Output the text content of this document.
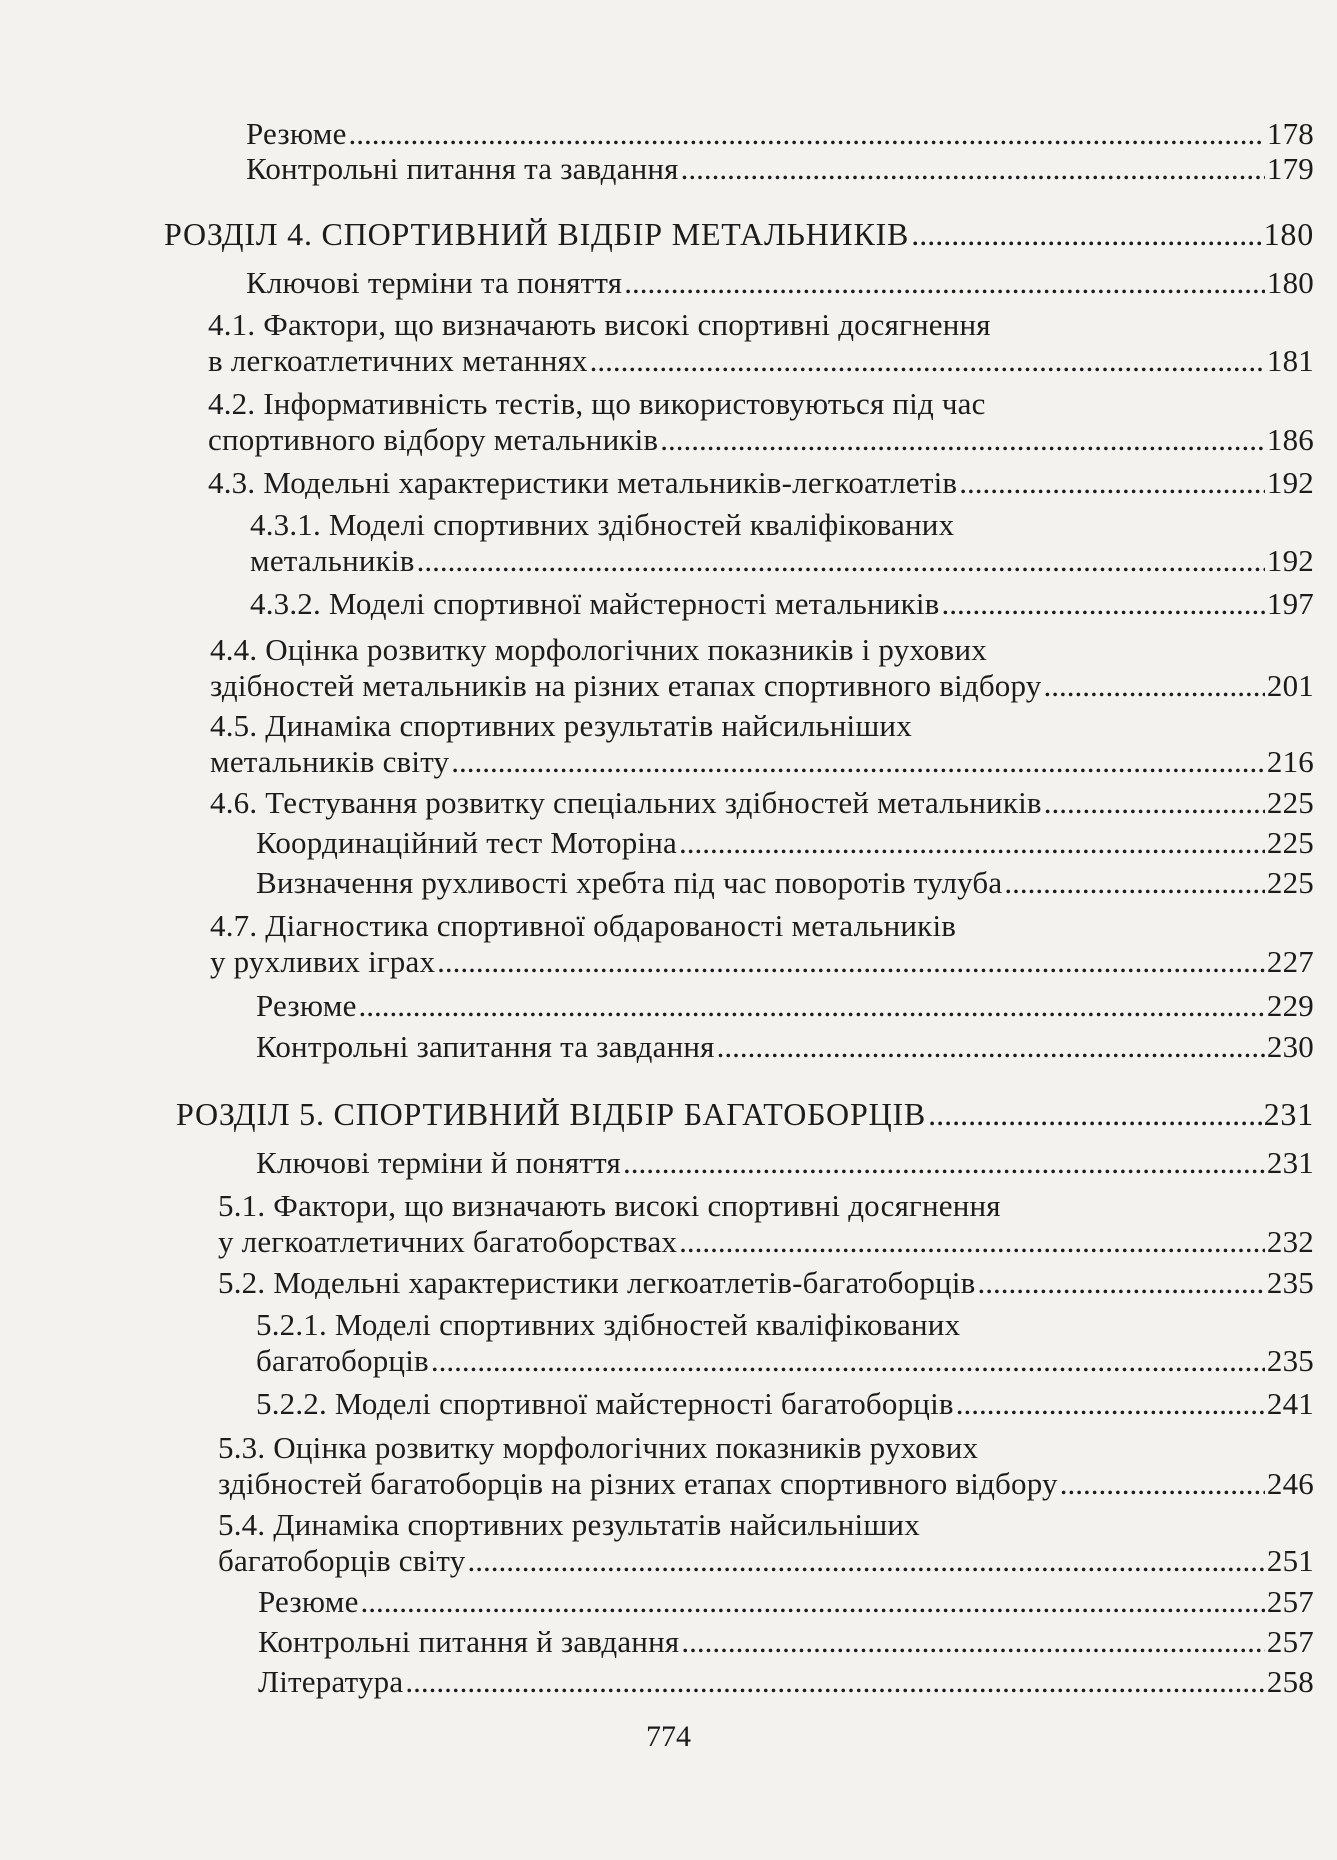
Резюме .....	178
Контрольні питання та завдання .....	179
РОЗДІЛ 4. СПОРТИВНИЙ ВІДБІР МЕТАЛЬНИКІВ .....	180
Ключові терміни та поняття .....	180
4.1. Фактори, що визначають високі спортивні досягнення
в легкоатлетичних метаннях .....	181
4.2. Інформативність тестів, що використовуються під час
спортивного відбору метальників .....	186
4.3. Модельні характеристики метальників-легкоатлетів .....	192
4.3.1. Моделі спортивних здібностей кваліфікованих
метальників .....	192
4.3.2. Моделі спортивної майстерності метальників .....	197
4.4. Оцінка розвитку морфологічних показників і рухових
здібностей метальників на різних етапах спортивного відбору .....	201
4.5. Динаміка спортивних результатів найсильніших
метальників світу .....	216
4.6. Тестування розвитку спеціальних здібностей метальників .....	225
Координаційний тест Моторіна .....	225
Визначення рухливості хребта під час поворотів тулуба .....	225
4.7. Діагностика спортивної обдарованості метальників
у рухливих іграх .....	227
Резюме .....	229
Контрольні запитання та завдання .....	230
РОЗДІЛ 5. СПОРТИВНИЙ ВІДБІР БАГАТОБОРЦІВ .....	231
Ключові терміни й поняття .....	231
5.1. Фактори, що визначають високі спортивні досягнення
у легкоатлетичних багатоборствах .....	232
5.2. Модельні характеристики легкоатлетів-багатоборців .....	235
5.2.1. Моделі спортивних здібностей кваліфікованих
багатоборців .....	235
5.2.2. Моделі спортивної майстерності багатоборців .....	241
5.3. Оцінка розвитку морфологічних показників рухових
здібностей багатоборців на різних етапах спортивного відбору .....	246
5.4. Динаміка спортивних результатів найсильніших
багатоборців світу .....	251
Резюме .....	257
Контрольні питання й завдання .....	257
Література .....	258
774
